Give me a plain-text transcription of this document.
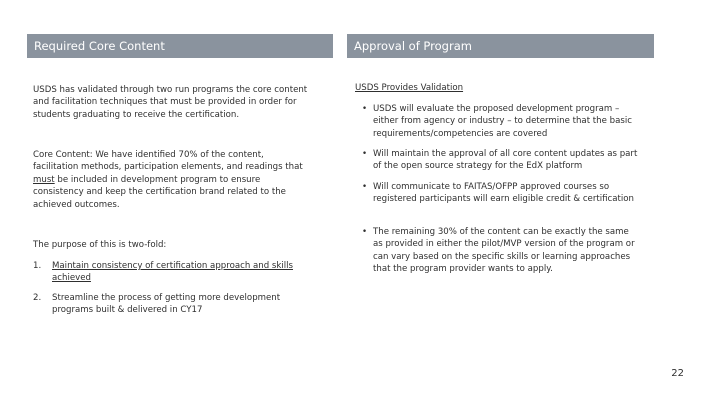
Required Core Content	Approval of Program

USDS has validated through two run programs the core content and facilitation techniques that must be provided in order for students graduating to receive the certification.

Core Content: We have identified 70% of the content, facilitation methods, participation elements, and readings that must be included in development program to ensure consistency and keep the certification brand related to the achieved outcomes.

The purpose of this is two-fold:

1. Maintain consistency of certification approach and skills achieved
2. Streamline the process of getting more development programs built & delivered in CY17

USDS Provides Validation

• USDS will evaluate the proposed development program – either from agency or industry – to determine that the basic requirements/competencies are covered
• Will maintain the approval of all core content updates as part of the open source strategy for the EdX platform
• Will communicate to FAITAS/OFPP approved courses so registered participants will earn eligible credit & certification
• The remaining 30% of the content can be exactly the same as provided in either the pilot/MVP version of the program or can vary based on the specific skills or learning approaches that the program provider wants to apply.
22
